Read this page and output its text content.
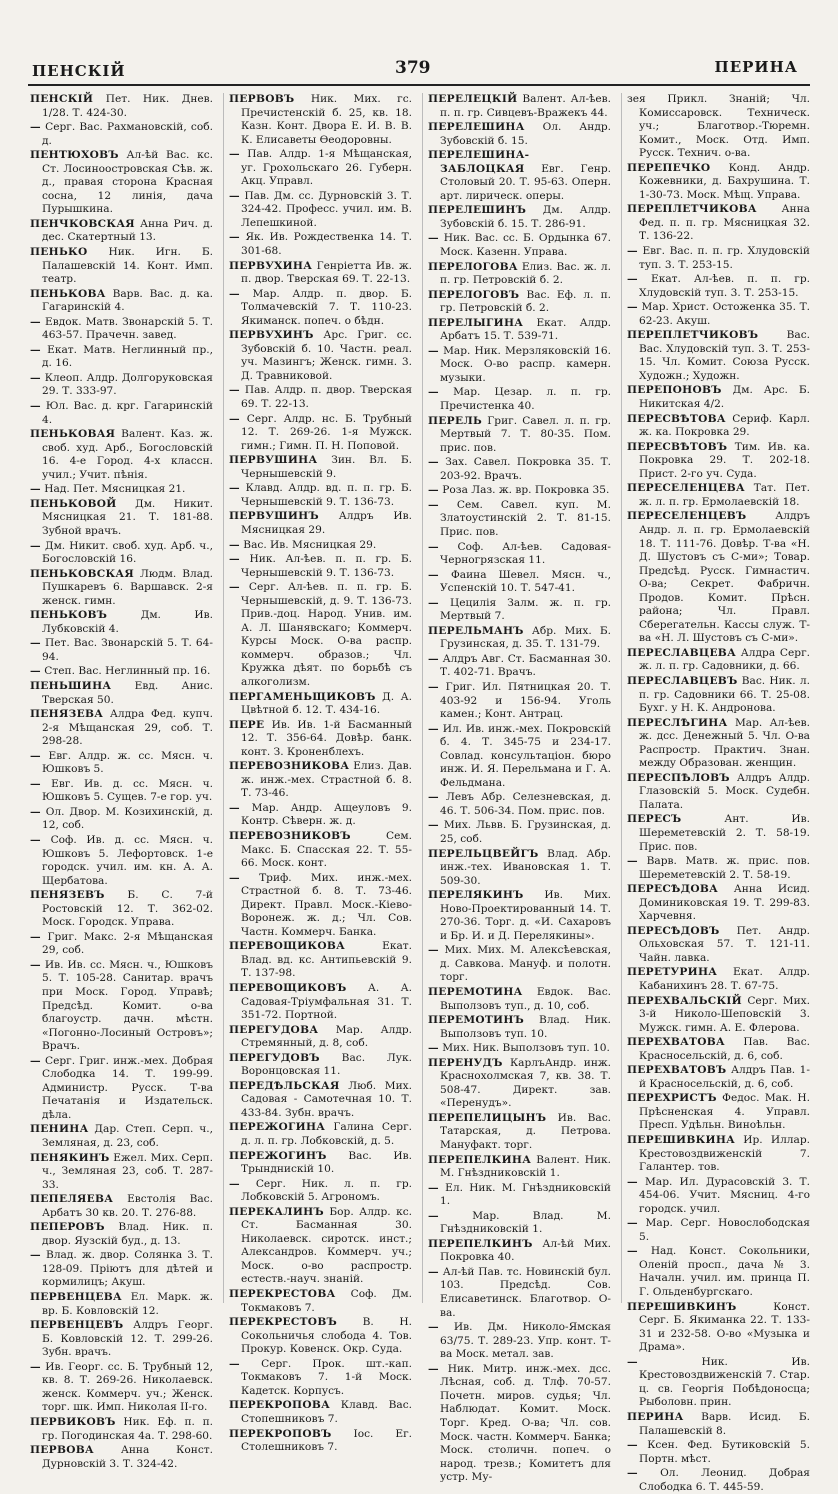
ПЕНСКІЙ	379	ПЕРИНА
ПЕНСКІЙ Пет. Ник. Днев. 1/28. Т. 424-30.
— Серг. Вас. Рахмановскій, соб. д.
ПЕНТЮХОВЪ Ал-ѣй Вас. кс. Ст. Лосиноостровская Сѣв. ж. д., правая сторона Красная сосна, 12 линія, дача Пурышкина.
ПЕНЧКОВСКАЯ Анна Рич. д. дес. Скатертный 13.
ПЕНЬКО Ник. Игн. Б. Палашевскій 14. Конт. Имп. театр.
ПЕНЬКОВА Варв. Вас. д. ка. Гагаринскій 4.
— Евдок. Матв. Звонарскій 5. Т. 463-57. Прачечн. завед.
— Екат. Матв. Неглинный пр., д. 16.
— Клеоп. Алдр. Долгоруковская 29. Т. 333-97.
— Юл. Вас. д. крг. Гагаринскій 4.
ПЕНЬКОВАЯ Валент. Каз. ж. своб. худ. Арб., Богословскій 16. 4-е Город. 4-х классн. учил.; Учит. пѣнія.
— Над. Пет. Мясницкая 21.
ПЕНЬКОВОЙ Дм. Никит. Мясницкая 21. Т. 181-88. Зубной врачъ.
— Дм. Никит. своб. худ. Арб. ч., Богословскій 16.
ПЕНЬКОВСКАЯ Людм. Влад. Пушкаревъ 6. Варшавск. 2-я женск. гимн.
ПЕНЬКОВЪ	Дм. Ив. Лубковскій 4.
— Пет. Вас. Звонарскій 5. Т. 64-94.
— Степ. Вас. Неглинный пр. 16.
ПЕНЬШИНА Евд. Анис. Тверская 50.
ПЕНЯЗЕВА Алдра Фед. купч. 2-я Мѣщанская 29, соб. Т. 298-28.
— Евг. Алдр. ж. сс. Мясн. ч. Юшковъ 5.
— Евг. Ив. д. сс. Мясн. ч. Юшковъ 5. Сущев. 7-е гор. уч.
— Ол. Двор. М. Козихинскій, д. 12, соб.
— Соф. Ив. д. сс. Мясн. ч. Юшковъ 5. Лефортовск. 1-е городск. учил. им. кн. А. А. Щербатова.
ПЕНЯЗЕВЪ Б. С. 7-й Ростовскій 12. Т. 362-02. Моск. Городск. Управа.
— Григ. Макс. 2-я Мѣщанская 29, соб.
— Ив. Ив. сс. Мясн. ч., Юшковъ 5. Т. 105-28. Санитар. врачъ при Моск. Город. Управѣ; Предсѣд. Комит. о-ва благоустр. дачн. мѣстн. «Погонно-Лосиный Островъ»; Врачъ.
— Серг. Григ. инж.-мех. Добрая Слободка 14. Т. 199-99. Администр. Русск. Т-ва Печатанія и Издательск. дѣла.
ПЕНИНА Дар. Степ. Серп. ч., Земляная, д. 23, соб.
ПЕНЯКИНЪ Ежел. Мих. Серп. ч., Земляная 23, соб. Т. 287-33.
ПЕПЕЛЯЕВА Евстолія Вас. Арбатъ 30 кв. 20. Т. 276-88.
ПЕПЕРОВЪ Влад. Ник. п. двор. Яузскій буд., д. 13.
— Влад. ж. двор. Солянка 3. Т. 128-09. Пріютъ для дѣтей и кормилицъ; Акуш.
ПЕРВЕНЦЕВА Ел. Марк. ж. вр. Б. Ковловскій 12.
ПЕРВЕНЦЕВЪ Алдръ Георг. Б. Ковловскій 12. Т. 299-26. Зубн. врачъ.
— Ив. Георг. сс. Б. Трубный 12, кв. 8. Т. 269-26. Николаевск. женск. Коммерч. уч.; Женск. торг. шк. Имп. Николая II-го.
ПЕРВИКОВЪ Ник. Еф. п. п. гр. Погодинская 4а. Т. 298-60.
ПЕРВОВА	Анна Конст. Дурновскій 3. Т. 324-42.
ПЕРВОВЪ Ник. Мих. гс. Пречистенскій б. 25, кв. 18. Казн. Конт. Двора Е. И. В. В. К. Елисаветы Ѳеодоровны.
— Пав. Алдр. 1-я Мѣщанская, уг. Грохольскаго 26. Губерн. Акц. Управл.
— Пав. Дм. сс. Дурновскій 3. Т. 324-42. Професс. учил. им. В. Лепешкиной.
— Як. Ив. Рождественка 14. Т. 301-68.
ПЕРВУХИНА Генріетта Ив. ж. п. двор. Тверская 69. Т. 22-13.
— Мар. Алдр. п. двор. Б. Толмачевскій 7. Т. 110-23. Якиманск. попеч. о бѣдн.
ПЕРВУХИНЪ Арс. Григ. сс. Зубовскій б. 10. Частн. реал. уч. Мазингъ; Женск. гимн. 3. Д. Травниковой.
— Пав. Алдр. п. двор. Тверская 69. Т. 22-13.
— Серг. Алдр. нс. Б. Трубный 12. Т. 269-26. 1-я Мужск. гимн.; Гимн. П. Н. Поповой.
ПЕРВУШИНА Зин. Вл. Б. Чернышевскій 9.
— Клавд. Алдр. вд. п. п. гр. Б. Чернышевскій 9. Т. 136-73.
ПЕРВУШИНЪ Алдръ Ив. Мясницкая 29.
— Вас. Ив. Мясницкая 29.
— Ник. Ал-ѣев. п. п. гр. Б. Чернышевскій 9. Т. 136-73.
— Серг. Ал-ѣев. п. п. гр. Б. Чернышевскій, д. 9. Т. 136-73. Прив.-доц. Народ. Унив. им. А. Л. Шанявскаго; Коммерч. Курсы Моск. О-ва распр. коммерч. образов.; Чл. Кружка дѣят. по борьбѣ съ алкоголизм.
ПЕРГАМЕНЬЩИКОВЪ Д. А. Цвѣтной б. 12. Т. 434-16.
ПЕРЕ Ив. Ив. 1-й Басманный 12. Т. 356-64. Довѣр. банк. конт. З. Кроненблехъ.
ПЕРЕВОЗНИКОВА Елиз. Дав. ж. инж.-мех. Страстной б. 8. Т. 73-46.
— Мар. Андр. Ащеуловъ 9. Контр. Сѣверн. ж. д.
ПЕРЕВОЗНИКОВЪ	Сем. Макс. Б. Спасская 22. Т. 55-66. Моск. конт.
— Триф. Мих. инж.-мех. Страстной б. 8. Т. 73-46. Директ. Правл. Моск.-Кіево-Воронеж. ж. д.; Чл. Сов. Частн. Коммерч. Банка.
ПЕРЕВОЩИКОВА	Екат. Влад. вд. кс. Антипьевскій 9. Т. 137-98.
ПЕРЕВОЩИКОВЪ А. А. Садовая-Тріумфальная 31. Т. 351-72. Портной.
ПЕРЕГУДОВА Мар. Алдр. Стремянный, д. 8, соб.
ПЕРЕГУДОВЪ Вас. Лук. Воронцовская 11.
ПЕРЕДѢЛЬСКАЯ Люб. Мих. Садовая - Самотечная 10. Т. 433-84. Зубн. врачъ.
ПЕРЕЖОГИНА Галина Серг. д. л. п. гр. Лобковскій, д. 5.
ПЕРЕЖОГИНЪ Вас. Ив. Трынднискій 10.
— Серг. Ник. л. п. гр. Лобковскій 5. Агрономъ.
ПЕРЕКАЛИНЪ Бор. Алдр. кс. Ст. Басманная 30. Николаевск. сиротск. инст.; Александров. Коммерч. уч.; Моск. о-во распростр. естеств.-науч. знаній.
ПЕРЕКРЕСТОВА Соф. Дм. Токмаковъ 7.
ПЕРЕКРЕСТОВЪ В. Н. Сокольничья слобода 4. Тов. Прокур. Ковенск. Окр. Суда.
— Серг. Прок. шт.-кап. Токмаковъ 7. 1-й Моск. Кадетск. Корпусъ.
ПЕРЕКРОПОВА Клавд. Вас. Стопешниковъ 7.
ПЕРЕКРОПОВЪ Іос. Ег. Столешниковъ 7.
ПЕРЕЛЕЦКІЙ Валент. Ал-ѣев. п. п. гр. Сивцевъ-Вражекъ 44.
ПЕРЕЛЕШИНА Ол. Андр. Зубовскій б. 15.
ПЕРЕЛЕШИНА-ЗАБЛОЦКАЯ Евг. Генр. Столовый 20. Т. 95-63. Оперн. арт. лирическ. оперы.
ПЕРЕЛЕШИНЪ Дм. Алдр. Зубовскій б. 15. Т. 286-91.
— Ник. Вас. сс. Б. Ордынка 67. Моск. Казенн. Управа.
ПЕРЕЛОГОВА Елиз. Вас. ж. л. п. гр. Петровскій б. 2.
ПЕРЕЛОГОВЪ Вас. Еф. л. п. гр. Петровскій б. 2.
ПЕРЕЛЫГИНА Екат. Алдр. Арбатъ 15. Т. 539-71.
— Мар. Ник. Мерзляковскій 16. Моск. О-во распр. камерн. музыки.
— Мар. Цезар. л. п. гр. Пречистенка 40.
ПЕРЕЛЬ Григ. Савел. л. п. гр. Мертвый 7. Т. 80-35. Пом. прис. пов.
— Зах. Савел. Покровка 35. Т. 203-92. Врачъ.
— Роза Лаз. ж. вр. Покровка 35.
— Сем. Савел. куп. М. Златоустинскій 2. Т. 81-15. Прис. пов.
— Соф. Ал-ѣев. Садовая-Черногрязская 11.
— Фаина Шевел. Мясн. ч., Успенскій 10. Т. 547-41.
— Цецилія Залм. ж. п. гр. Мертвый 7.
ПЕРЕЛЬМАНЪ Абр. Мих. Б. Грузинская, д. 35. Т. 131-79.
— Алдръ Авг. Ст. Басманная 30. Т. 402-71. Врачъ.
— Григ. Ил. Пятницкая 20. Т. 403-92 и 156-94. Уголь камен.; Конт. Антрац.
— Ил. Ив. инж.-мех. Покровскій б. 4. Т. 345-75 и 234-17. Совлад. консультаціон. бюро инж. И. Я. Перельмана и Г. А. Фельдмана.
— Левъ Абр. Селезневская, д. 46. Т. 506-34. Пом. прис. пов.
— Мих. Львв. Б. Грузинская, д. 25, соб.
ПЕРЕЛЬЦВЕЙГЪ Влад. Абр. инж.-тех. Ивановская 1. Т. 509-30.
ПЕРЕЛЯКИНЪ Ив. Мих. Ново-Проектированный 14. Т. 270-36. Торг. д. «И. Сахаровъ и Бр. И. и Д. Перелякины».
— Мих. Мих. М. Алексѣевская, д. Савкова. Мануф. и полотн. торг.
ПЕРЕМОТИНА Евдок. Вас. Выползовъ туп., д. 10, соб.
ПЕРЕМОТИНЪ Влад. Ник. Выползовъ туп. 10.
— Мих. Ник. Выползовъ туп. 10.
ПЕРЕНУДЪ КарлъАндр. инж. Краснохолмская 7, кв. 38. Т. 508-47. Директ. зав. «Перенудъ».
ПЕРЕПЕЛИЦЫНЪ Ив. Вас. Татарская, д. Петрова. Мануфакт. торг.
ПЕРЕПЕЛКИНА Валент. Ник. М. Гнѣздниковскій 1.
— Ел. Ник. М. Гнѣздниковскій 1.
—	Мар. Влад. М. Гнѣздниковскій 1.
ПЕРЕПЕЛКИНЪ Ал-ѣй Мих. Покровка 40.
— Ал-ѣй Пав. тс. Новинскій бул. 103. Предсѣд. Сов. Елисаветинск. Благотвор. О-ва.
— Ив. Дм. Николо-Ямская 63/75. Т. 289-23. Упр. конт. Т-ва Моск. метал. зав.
— Ник. Митр. инж.-мех. дсс. Лѣсная, соб. д. Тлф. 70-57. Почетн. миров. судья; Чл. Наблюдат. Комит. Моск. Торг. Кред. О-ва; Чл. сов. Моск. частн. Коммерч. Банка; Моск. столичн. попеч. о народ. трезв.; Комитетъ для устр. Му-
зея Прикл. Знаній; Чл. Комиссаровск. Техническ. уч.; Благотвор.-Тюремн. Комит., Моск. Отд. Имп. Русск. Технич. о-ва.
ПЕРЕПЕЧКО Конд. Андр. Кожевники, д. Бахрушина. Т. 1-30-73. Моск. Мѣщ. Управа.
ПЕРЕПЛЕТЧИКОВА Анна Фед. п. п. гр. Мясницкая 32. Т. 136-22.
— Евг. Вас. п. п. гр. Хлудовскій туп. 3. Т. 253-15.
— Екат. Ал-ѣев. п. п. гр. Хлудовскій туп. 3. Т. 253-15.
— Мар. Христ. Остоженка 35. Т. 62-23. Акуш.
ПЕРЕПЛЕТЧИКОВЪ	Вас. Вас. Хлудовскій туп. 3. Т. 253-15. Чл. Комит. Союза Русск. Художн.; Художн.
ПЕРЕПОНОВЪ Дм. Арс. Б. Никитская 4/2.
ПЕРЕСВѢТОВА Сериф. Карл. ж. ка. Покровка 29.
ПЕРЕСВѢТОВЪ Тим. Ив. ка. Покровка 29. Т. 202-18. Прист. 2-го уч. Суда.
ПЕРЕСЕЛЕНЦЕВА Тат. Пет. ж. л. п. гр. Ермолаевскій 18.
ПЕРЕСЕЛЕНЦЕВЪ	Алдръ Андр. л. п. гр. Ермолаевскій 18. Т. 111-76. Довѣр. Т-ва «Н. Д. Шустовъ съ С-ми»; Товар. Предсѣд. Русск. Гимнастич. О-ва; Секрет. Фабричн. Продов. Комит. Прѣсн. района; Чл. Правл. Сберегательн. Кассы служ. Т-ва «Н. Л. Шустовъ съ С-ми».
ПЕРЕСЛАВЦЕВА Алдра Серг. ж. л. п. гр. Садовники, д. 66.
ПЕРЕСЛАВЦЕВЪ Вас. Ник. л. п. гр. Садовники 66. Т. 25-08. Бухг. у Н. К. Андронова.
ПЕРЕСЛѢГИНА Мар. Ал-ѣев. ж. дсс. Денежный 5. Чл. О-ва Распростр. Практич. Знан. между Образован. женщин.
ПЕРЕСПѢЛОВЪ Алдръ Алдр. Глазовскій 5. Моск. Судебн. Палата.
ПЕРЕСЪ	Ант. Ив. Шереметевскій 2. Т. 58-19. Прис. пов.
— Варв. Матв. ж. прис. пов. Шереметевскій 2. Т. 58-19.
ПЕРЕСѢДОВА Анна Исид. Доминиковская 19. Т. 299-83. Харчевня.
ПЕРЕСѢДОВЪ Пет. Андр. Ольховская 57. Т. 121-11. Чайн. лавка.
ПЕРЕТУРИНА Екат. Алдр. Кабанихинъ 28. Т. 67-75.
ПЕРЕХВАЛЬСКІЙ Серг. Мих. 3-й Николо-Шеповскій 3. Мужск. гимн. А. Е. Флерова.
ПЕРЕХВАТОВА Пав. Вас. Красносельскій, д. 6, соб.
ПЕРЕХВАТОВЪ Алдръ Пав. 1-й Красносельскій, д. 6, соб.
ПЕРЕХРИСТЪ Федос. Мак. Н. Прѣсненская 4. Управл. Пресп. Удѣльн. Виноѣльн.
ПЕРЕШИВКИНА Ир. Иллар. Крестовоздвиженскій 7. Галантер. тов.
— Мар. Ил. Дурасовскій 3. Т. 454-06. Учит. Мясниц. 4-го городск. учил.
— Мар. Серг. Новослободская 5.
— Над. Конст. Сокольники, Оленій просп., дача № 3. Началн. учил. им. принца П. Г. Ольденбургскаго.
ПЕРЕШИВКИНЪ	Конст. Серг. Б. Якиманка 22. Т. 133-31 и 232-58. О-во «Музыка и Драма».
—	Ник. Ив. Крестовоздвиженскій 7. Стар. ц. св. Георгія Побѣдоносца; Рыболовн. прин.
ПЕРИНА Варв. Исид. Б. Палашевскій 8.
— Ксен. Фед. Бутиковскій 5. Портн. мѣст.
— Ол. Леонид. Добрая Слободка 6. Т. 445-59.
